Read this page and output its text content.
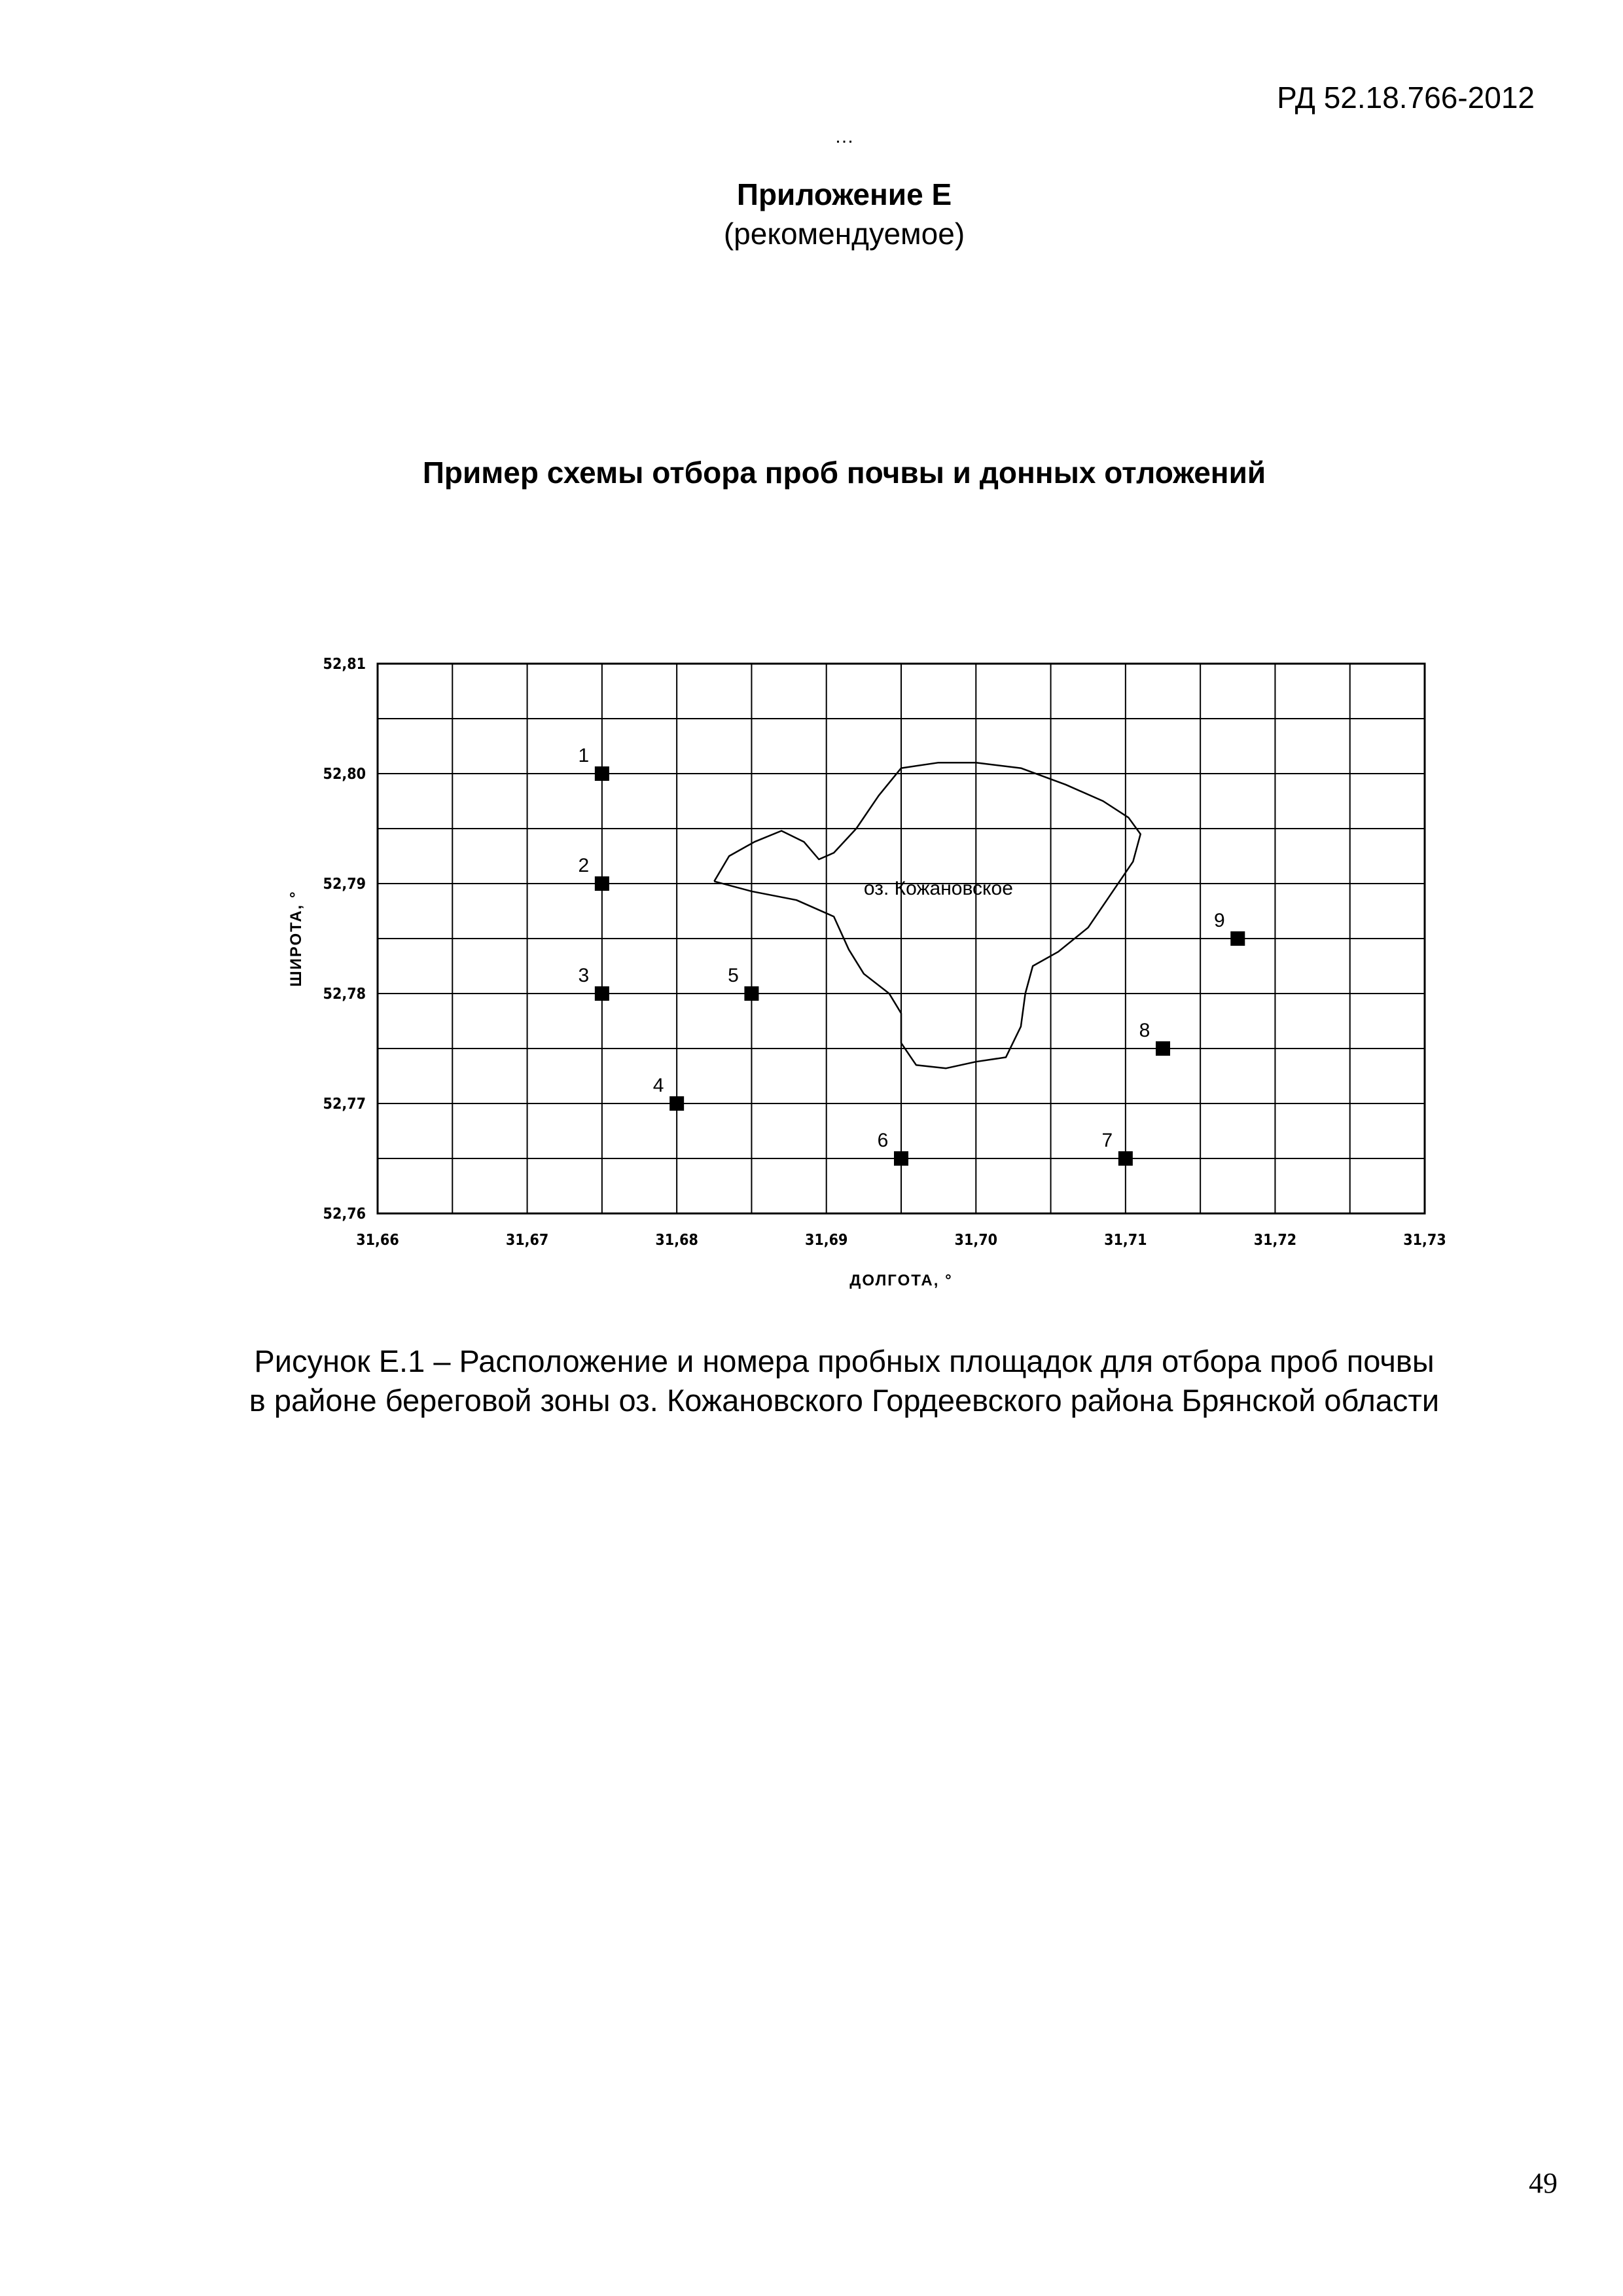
РД 52.18.766-2012
…
Приложение Е
(рекомендуемое)
Пример схемы отбора проб почвы и донных отложений
оз. Кожановское
1
2
3
4
5
6	7
8
9
31,66	31,67	31,68	31,69	31,70	31,71	31,72	31,73
52,76
52,77
52,78
52,79
52,80
52,81
ДОЛГОТА, °
ШИРОТА, °
Рисунок Е.1 – Расположение и номера пробных площадок для отбора проб почвы
в районе береговой зоны оз. Кожановского Гордеевского района Брянской области
49
